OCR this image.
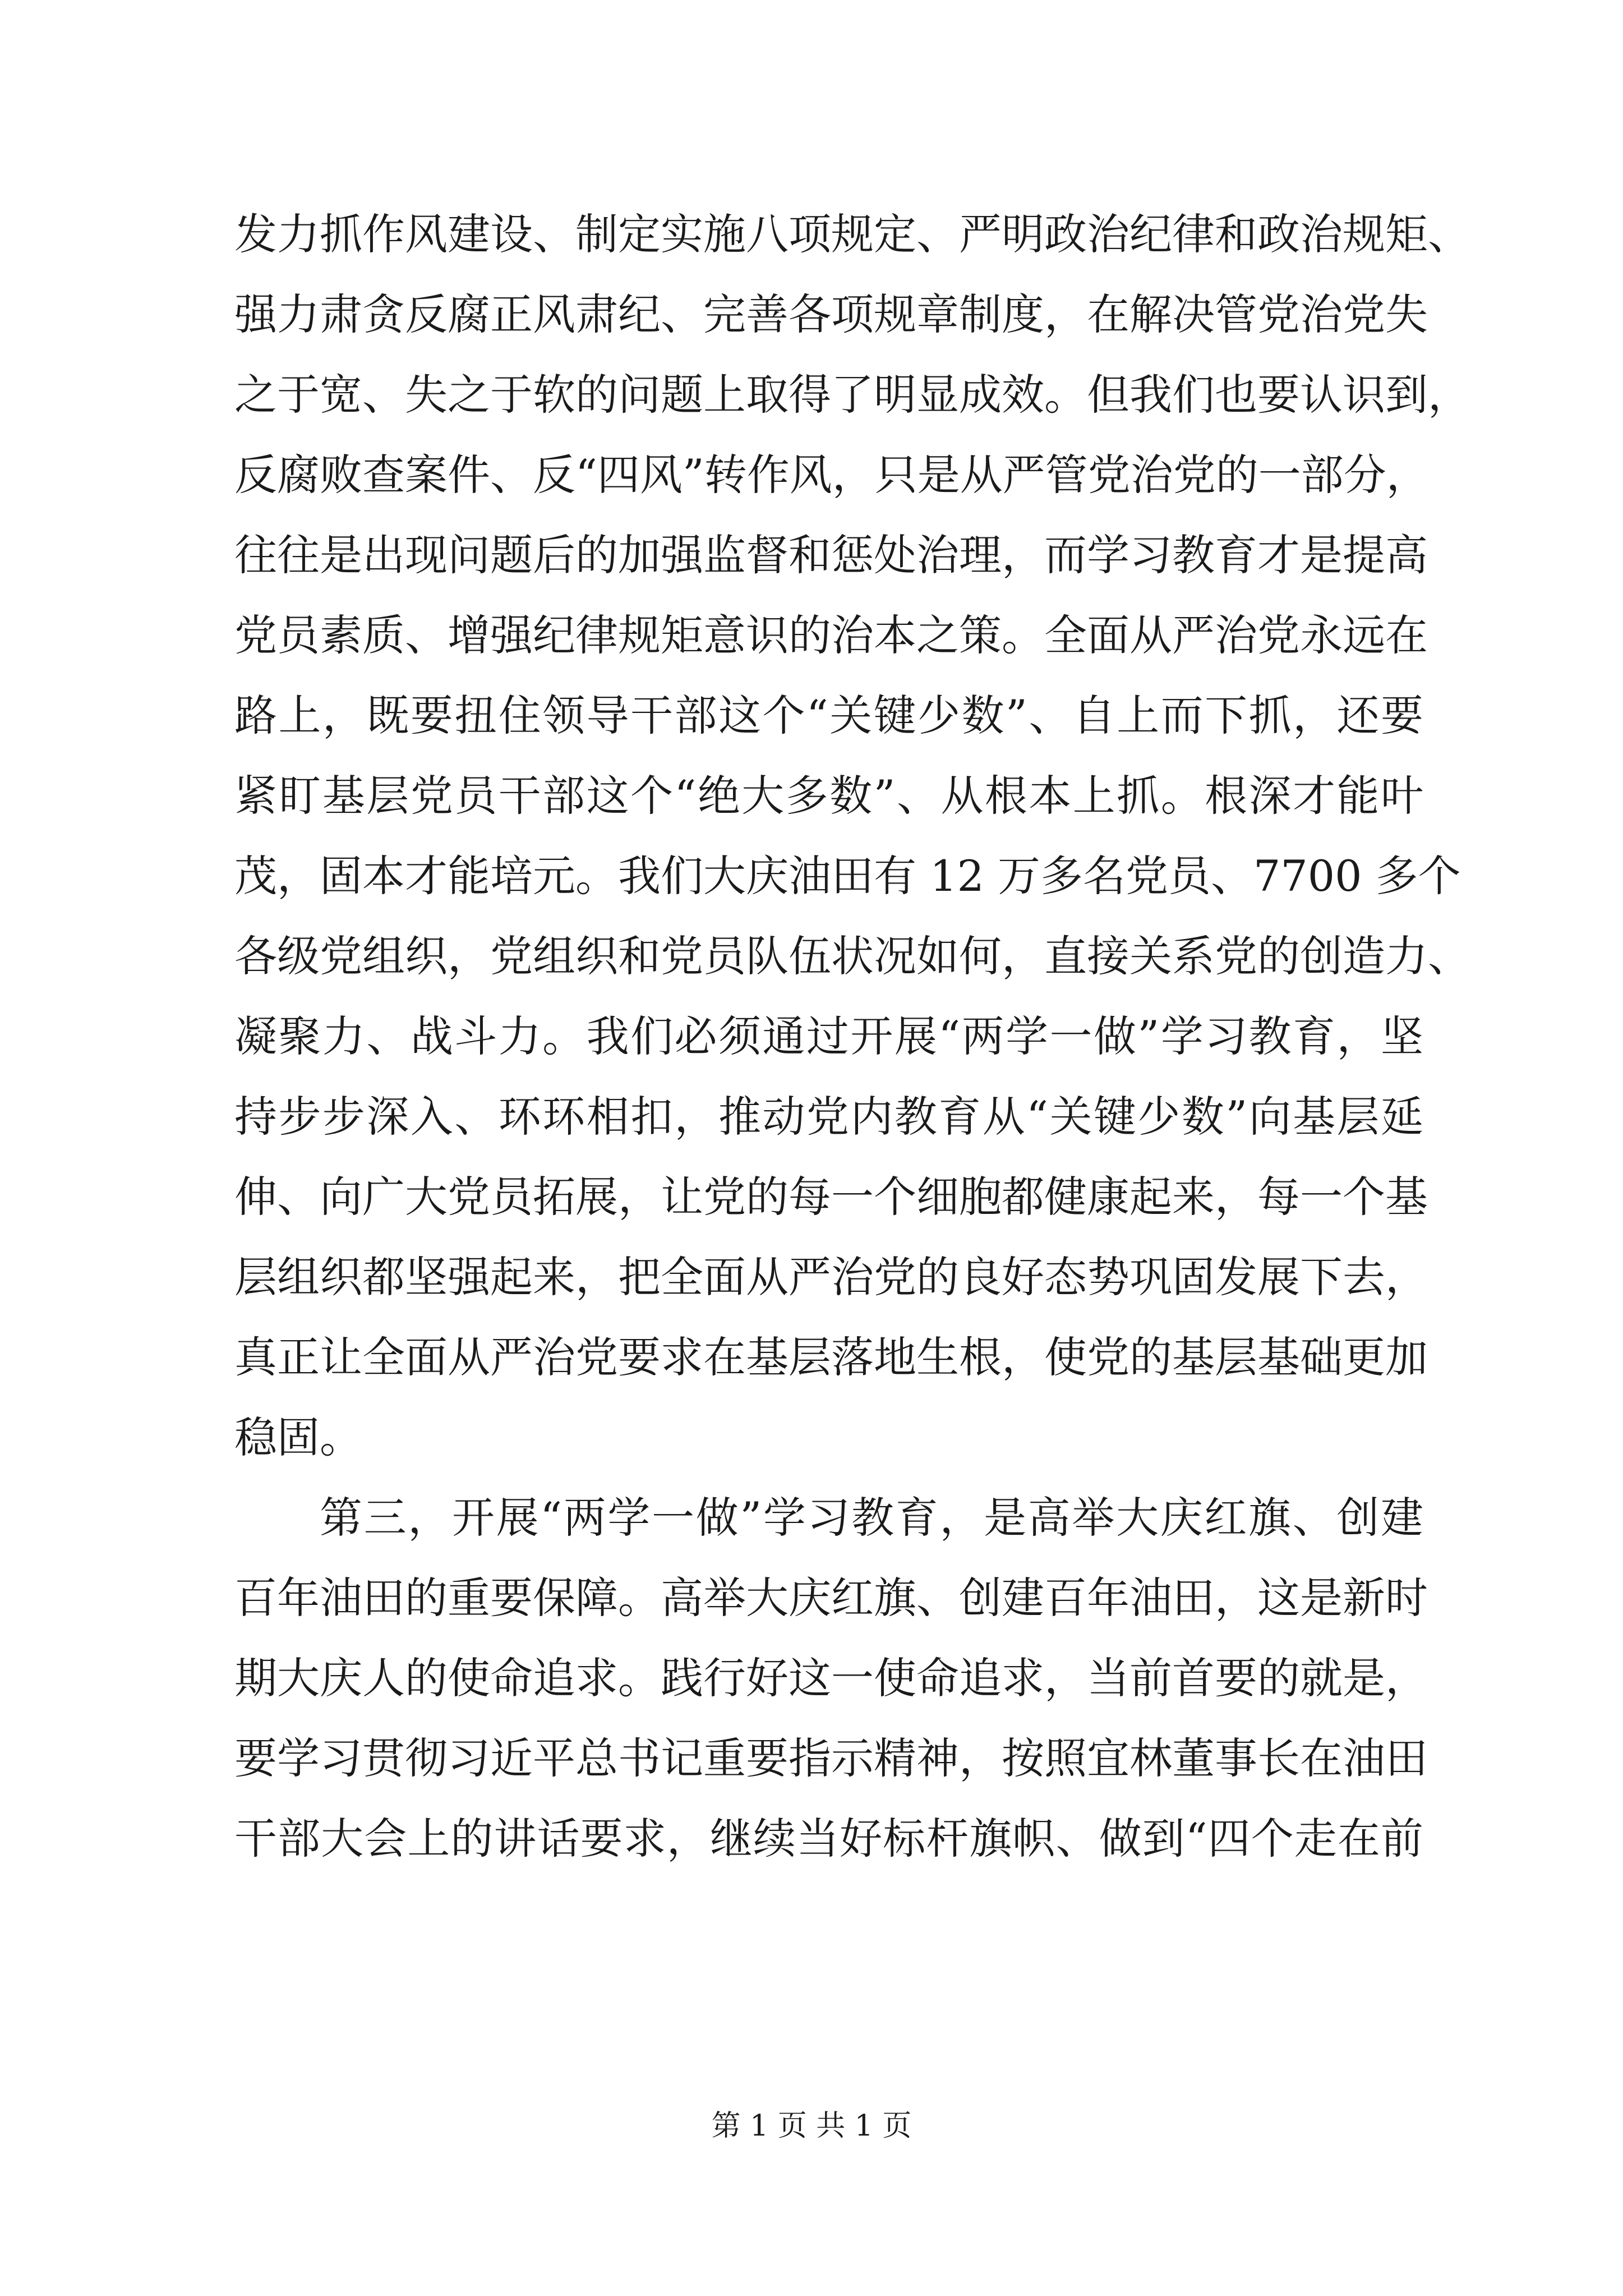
发力抓作风建设、制定实施八项规定、严明政治纪律和政治规矩、
强力肃贪反腐正风肃纪、完善各项规章制度，在解决管党治党失
之于宽、失之于软的问题上取得了明显成效。但我们也要认识到，
反腐败查案件、反“四风”转作风，只是从严管党治党的一部分，
往往是出现问题后的加强监督和惩处治理，而学习教育才是提高
党员素质、增强纪律规矩意识的治本之策。全面从严治党永远在
路上，既要扭住领导干部这个“关键少数”、自上而下抓，还要
紧盯基层党员干部这个“绝大多数”、从根本上抓。根深才能叶
茂，固本才能培元。我们大庆油田有 12 万多名党员、7700 多个
各级党组织，党组织和党员队伍状况如何，直接关系党的创造力、
凝聚力、战斗力。我们必须通过开展“两学一做”学习教育，坚
持步步深入、环环相扣，推动党内教育从“关键少数”向基层延
伸、向广大党员拓展，让党的每一个细胞都健康起来，每一个基
层组织都坚强起来，把全面从严治党的良好态势巩固发展下去，
真正让全面从严治党要求在基层落地生根，使党的基层基础更加
稳固。
第三，开展“两学一做”学习教育，是高举大庆红旗、创建
百年油田的重要保障。高举大庆红旗、创建百年油田，这是新时
期大庆人的使命追求。践行好这一使命追求，当前首要的就是，
要学习贯彻习近平总书记重要指示精神，按照宜林董事长在油田
干部大会上的讲话要求，继续当好标杆旗帜、做到“四个走在前
第 1 页 共 1 页
